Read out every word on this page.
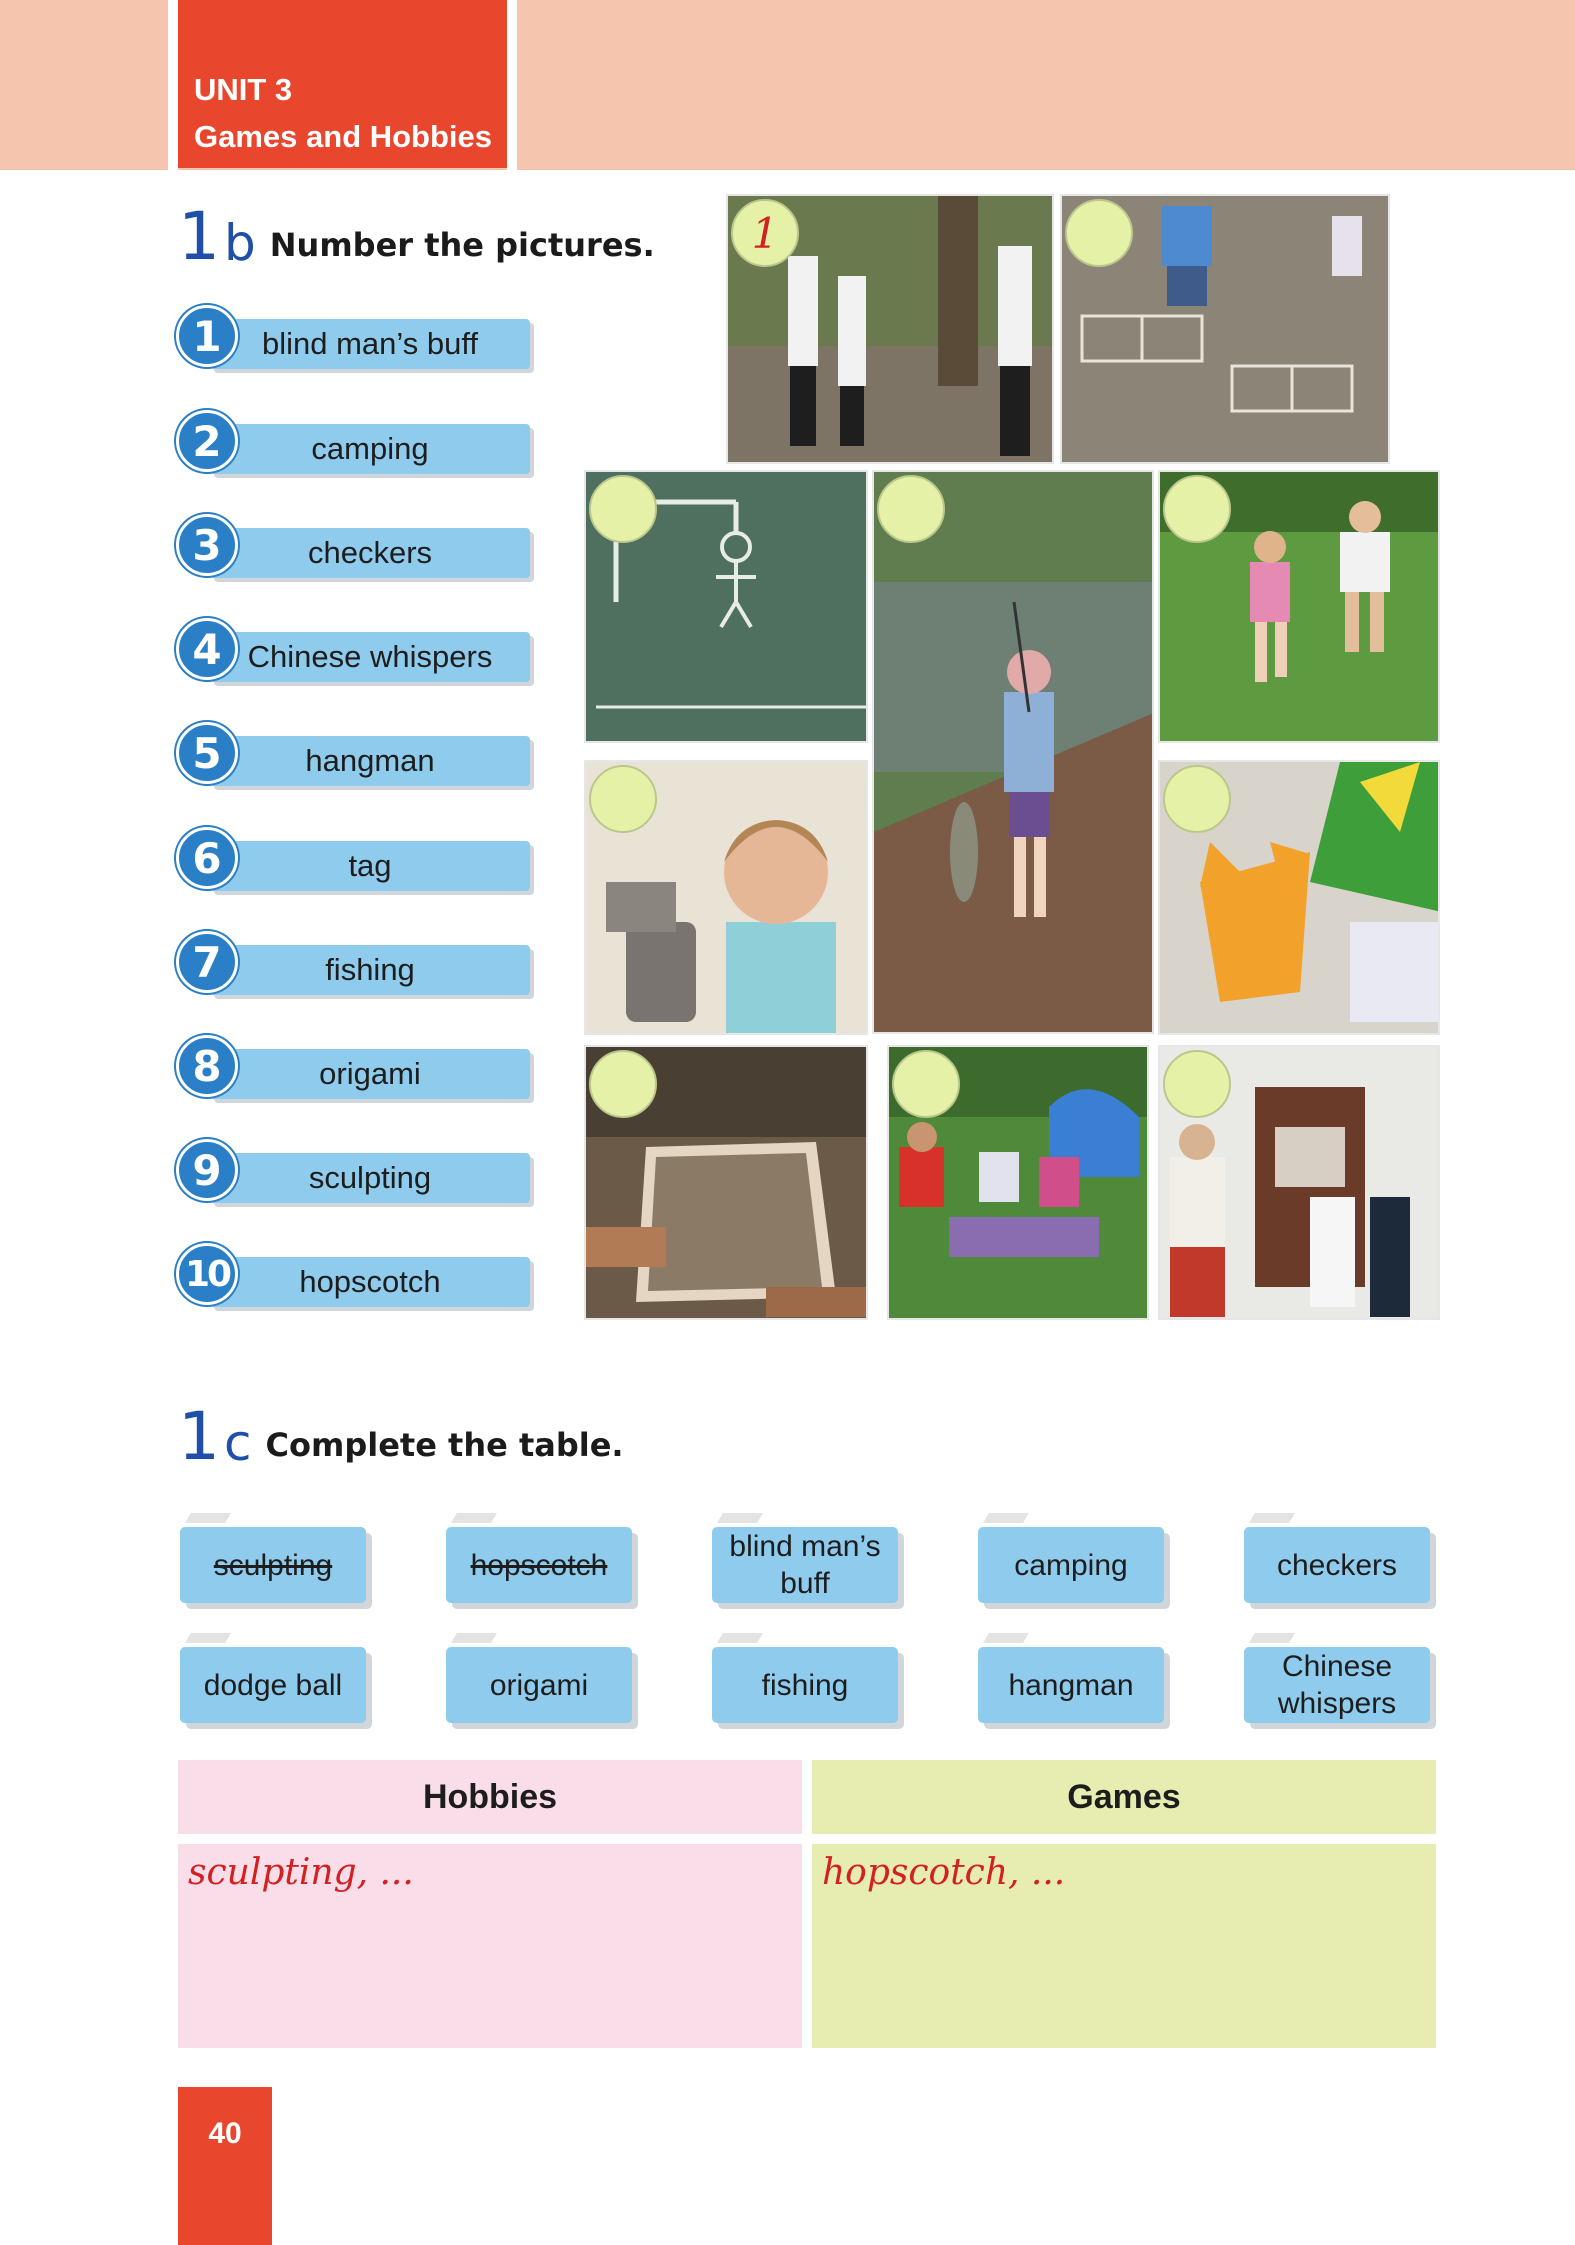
UNIT 3
Games and Hobbies
1 b Number the pictures.
blind man’s buff
1
camping
2
checkers
3
Chinese whispers
4
hangman
5
tag
6
fishing
7
origami
8
sculpting
9
hopscotch
10
1
1 c Complete the table.
sculpting	hopscotch
blind man’s buff
camping	checkers
dodge ball	origami	fishing	hangman
Chinese whispers
Hobbies	Games
sculpting, ...	hopscotch, ...
40
